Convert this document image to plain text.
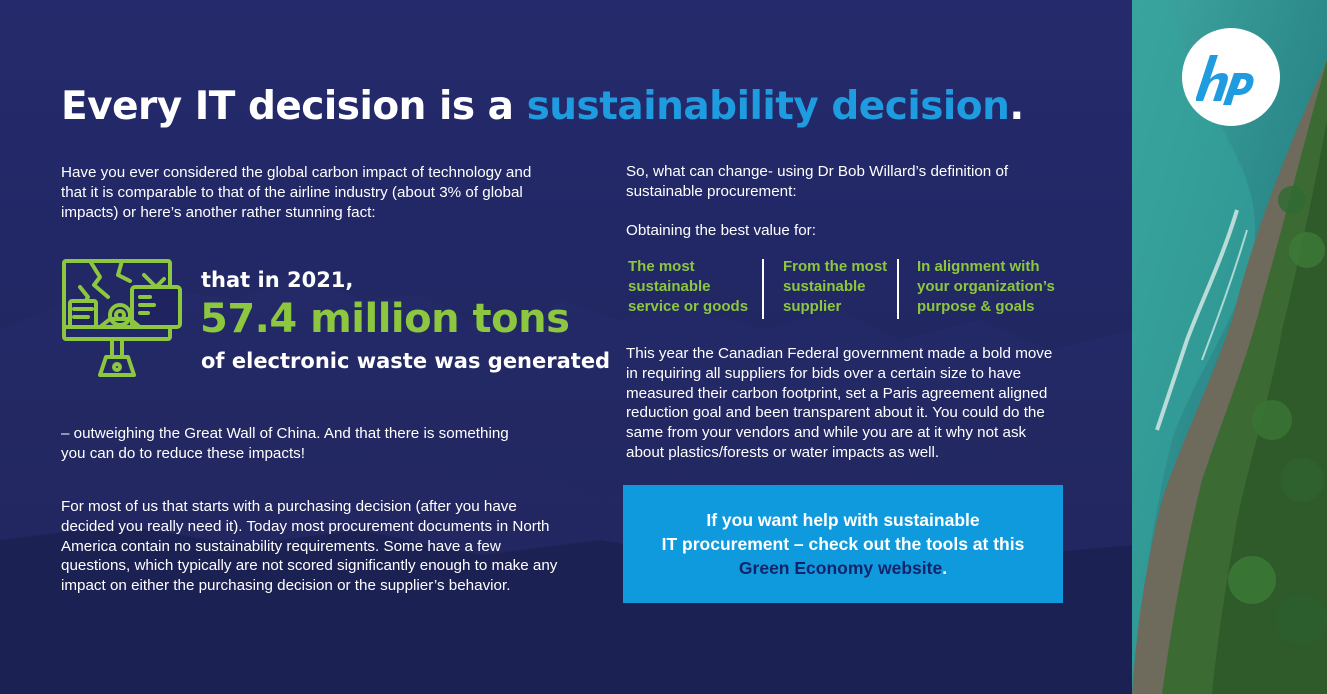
Every IT decision is a sustainability decision.

Have you ever considered the global carbon impact of technology and that it is comparable to that of the airline industry (about 3% of global impacts) or here’s another rather stunning fact:

that in 2021,
57.4 million tons
of electronic waste was generated

– outweighing the Great Wall of China. And that there is something you can do to reduce these impacts!

For most of us that starts with a purchasing decision (after you have decided you really need it). Today most procurement documents in North America contain no sustainability requirements. Some have a few questions, which typically are not scored significantly enough to make any impact on either the purchasing decision or the supplier’s behavior.

So, what can change- using Dr Bob Willard’s definition of sustainable procurement:

Obtaining the best value for:

The most
sustainable
service or goods
From the most
sustainable
supplier
In alignment with
your organization’s
purpose & goals

This year the Canadian Federal government made a bold move in requiring all suppliers for bids over a certain size to have measured their carbon footprint, set a Paris agreement aligned reduction goal and been transparent about it. You could do the same from your vendors and while you are at it why not ask about plastics/forests or water impacts as well.

If you want help with sustainable
IT procurement – check out the tools at this
Green Economy website.
